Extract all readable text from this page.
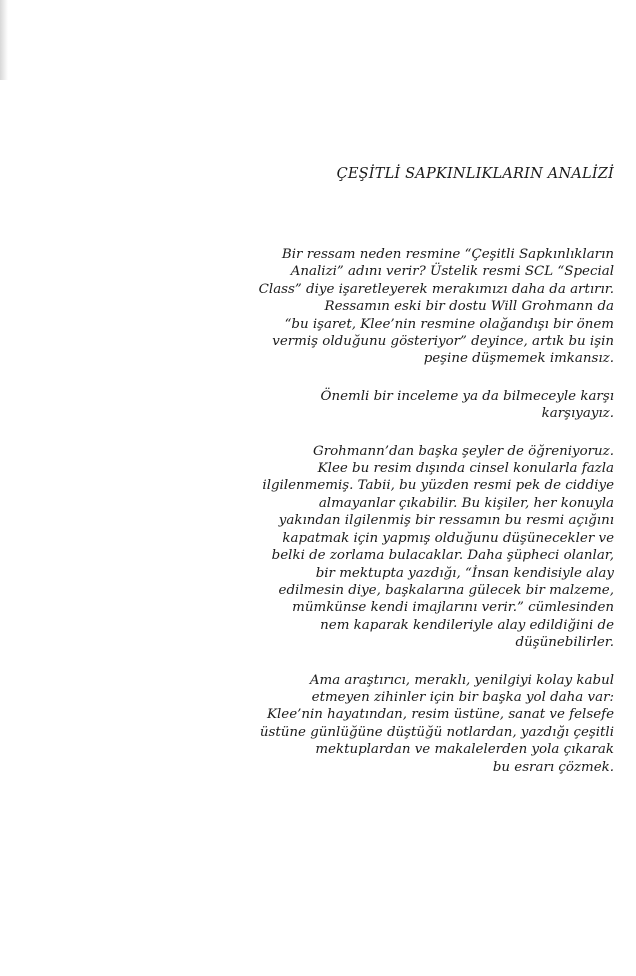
ÇEŞİTLİ SAPKINLIKLARIN ANALİZİ

Bir ressam neden resmine “Çeşitli Sapkınlıkların
Analizi” adını verir? Üstelik resmi SCL “Special
Class” diye işaretleyerek merakımızı daha da artırır.
Ressamın eski bir dostu Will Grohmann da
“bu işaret, Klee’nin resmine olağandışı bir önem
vermiş olduğunu gösteriyor” deyince, artık bu işin
peşine düşmemek imkansız.

Önemli bir inceleme ya da bilmeceyle karşı
karşıyayız.

Grohmann’dan başka şeyler de öğreniyoruz.
Klee bu resim dışında cinsel konularla fazla
ilgilenmemiş. Tabii, bu yüzden resmi pek de ciddiye
almayanlar çıkabilir. Bu kişiler, her konuyla
yakından ilgilenmiş bir ressamın bu resmi açığını
kapatmak için yapmış olduğunu düşünecekler ve
belki de zorlama bulacaklar. Daha şüpheci olanlar,
bir mektupta yazdığı, “İnsan kendisiyle alay
edilmesin diye, başkalarına gülecek bir malzeme,
mümkünse kendi imajlarını verir.” cümlesinden
nem kaparak kendileriyle alay edildiğini de
düşünebilirler.

Ama araştırıcı, meraklı, yenilgiyi kolay kabul
etmeyen zihinler için bir başka yol daha var:
Klee’nin hayatından, resim üstüne, sanat ve felsefe
üstüne günlüğüne düştüğü notlardan, yazdığı çeşitli
mektuplardan ve makalelerden yola çıkarak
bu esrarı çözmek.
